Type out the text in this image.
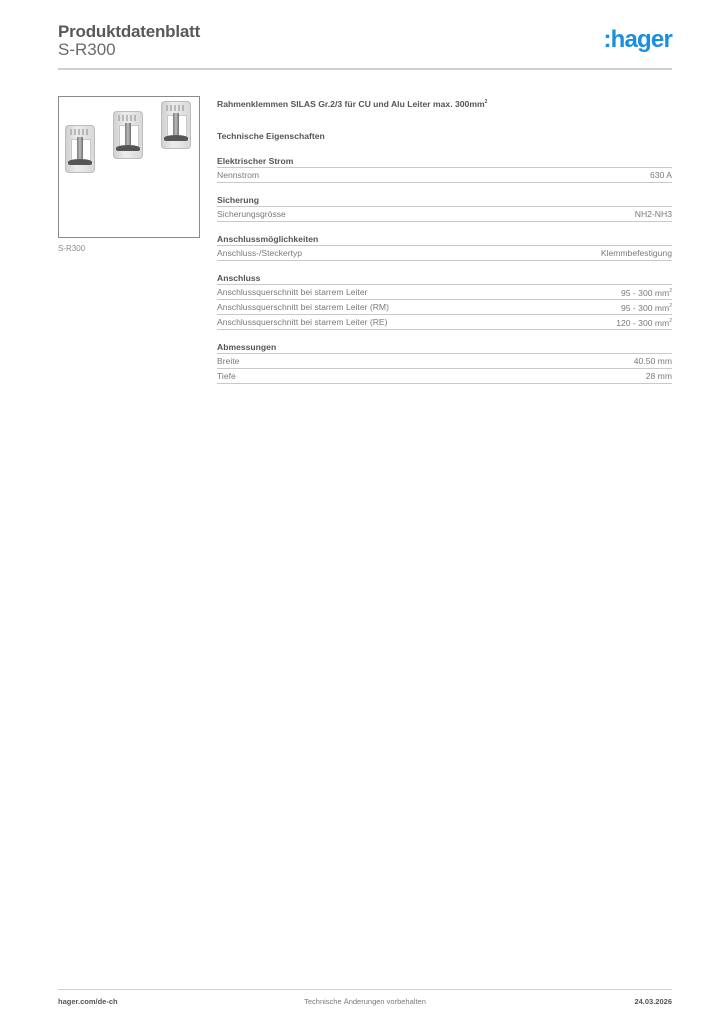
Produktdatenblatt
S-R300	:hager
S-R300
Rahmenklemmen SILAS Gr.2/3 für CU und Alu Leiter max. $300mm^2$
Technische Eigenschaften
Elektrischer Strom
Nennstrom	630 A
Sicherung
Sicherungsgrösse	NH2-NH3
Anschlussmöglichkeiten
Anschluss-/Steckertyp	Klemmbefestigung
Anschluss
Anschlussquerschnitt bei starrem Leiter	95 - 300 $mm^2$
Anschlussquerschnitt bei starrem Leiter (RM)	95 - 300 $mm^2$
Anschlussquerschnitt bei starrem Leiter (RE)	120 - 300 $mm^2$
Abmessungen
Breite	40.50 mm
Tiefe	28 mm
hager.com/de-ch	Technische Änderungen vorbehalten	24.03.2026
